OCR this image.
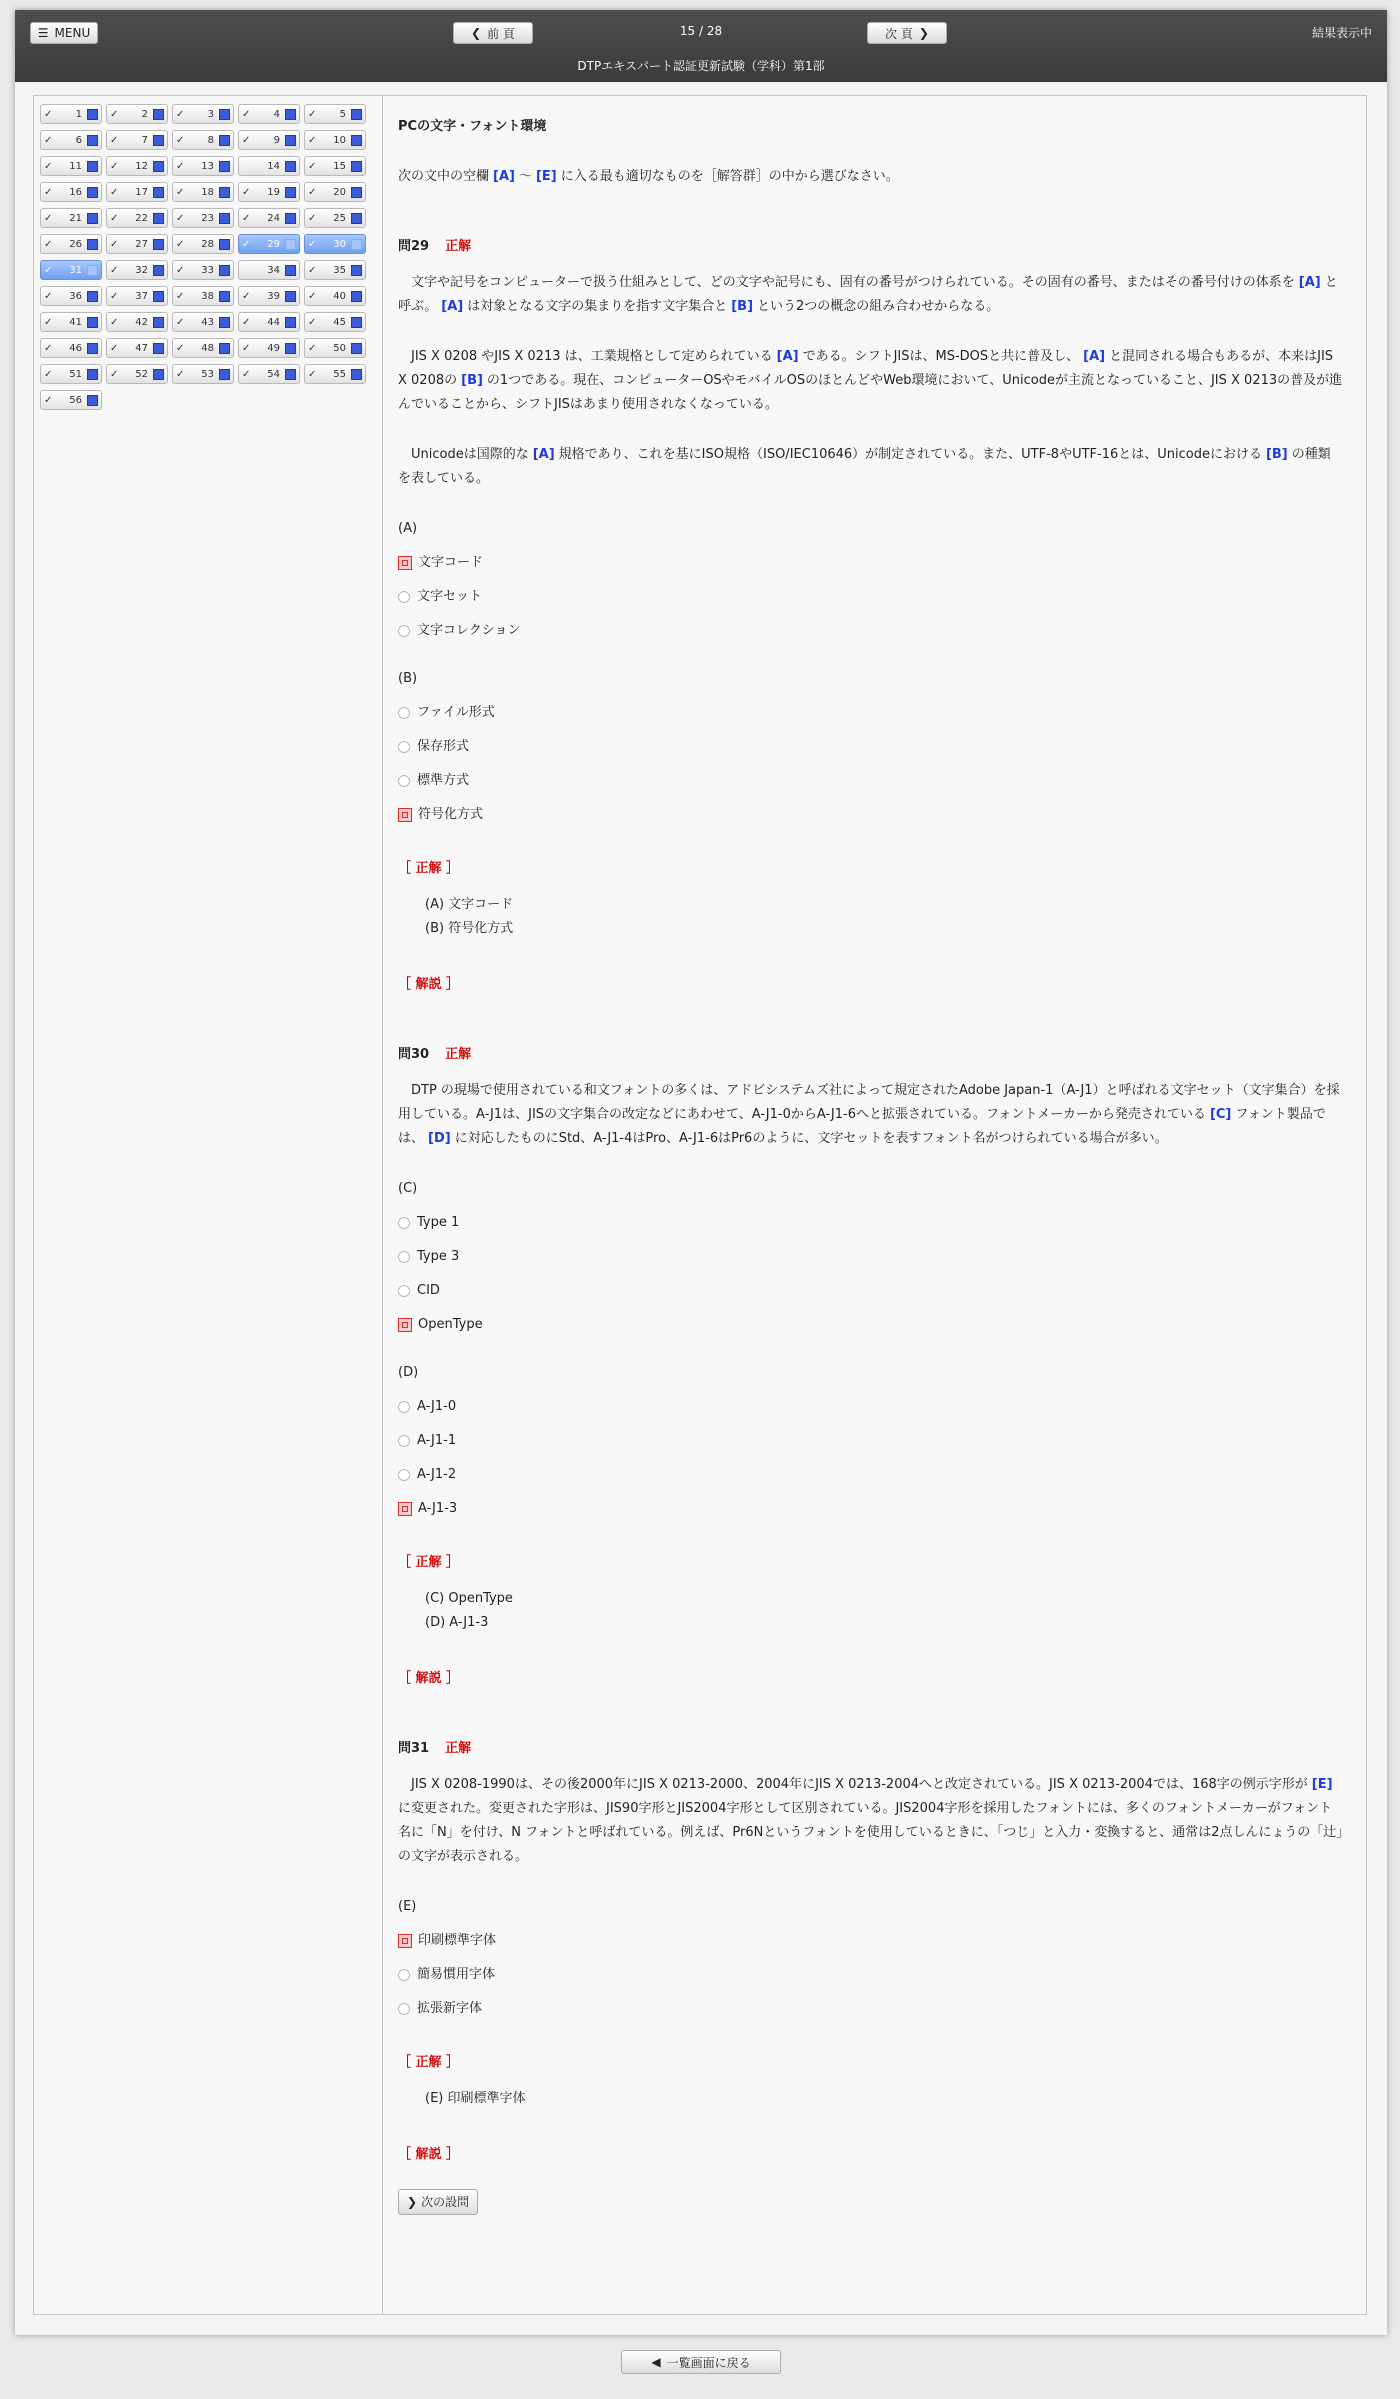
☰ MENU	❮ 前 頁	15 / 28	次 頁 ❯	結果表示中
DTPエキスパート認証更新試験（学科）第1部
✓	1	✓	2	✓	3	✓	4	✓	5
✓	6	✓	7	✓	8	✓	9	✓	10
✓	11	✓	12	✓	13	14	✓	15
✓	16	✓	17	✓	18	✓	19	✓	20
✓	21	✓	22	✓	23	✓	24	✓	25
✓	26	✓	27	✓	28	✓	29	✓	30
✓	31	✓	32	✓	33	34	✓	35
✓	36	✓	37	✓	38	✓	39	✓	40
✓	41	✓	42	✓	43	✓	44	✓	45
✓	46	✓	47	✓	48	✓	49	✓	50
✓	51	✓	52	✓	53	✓	54	✓	55
✓	56
PCの文字・フォント環境
次の文中の空欄 [A] 〜 [E] に入る最も適切なものを［解答群］の中から選びなさい。
問29 正解

文字や記号をコンピューターで扱う仕組みとして、どの文字や記号にも、固有の番号がつけられている。その固有の番号、またはその番号付けの体系を [A] と呼ぶ。 [A] は対象となる文字の集まりを指す文字集合と [B] という2つの概念の組み合わせからなる。

JIS X 0208 やJIS X 0213 は、工業規格として定められている [A] である。シフトJISは、MS-DOSと共に普及し、 [A] と混同される場合もあるが、本来はJIS X 0208の [B] の1つである。現在、コンピューターOSやモバイルOSのほとんどやWeb環境において、Unicodeが主流となっていること、JIS X 0213の普及が進んでいることから、シフトJISはあまり使用されなくなっている。

Unicodeは国際的な [A] 規格であり、これを基にISO規格（ISO/IEC10646）が制定されている。また、UTF-8やUTF-16とは、Unicodeにおける [B] の種類を表している。

(A)
文字コード
文字セット
文字コレクション
(B)
ファイル形式
保存形式
標準方式
符号化方式
［ 正解 ］
(A) 文字コード
(B) 符号化方式
［ 解説 ］
問30 正解

DTP の現場で使用されている和文フォントの多くは、アドビシステムズ社によって規定されたAdobe Japan-1（A-J1）と呼ばれる文字セット（文字集合）を採用している。A-J1は、JISの文字集合の改定などにあわせて、A-J1-0からA-J1-6へと拡張されている。フォントメーカーから発売されている [C] フォント製品では、 [D] に対応したものにStd、A-J1-4はPro、A-J1-6はPr6のように、文字セットを表すフォント名がつけられている場合が多い。

(C)
Type 1
Type 3
CID
OpenType
(D)
A-J1-0
A-J1-1
A-J1-2
A-J1-3
［ 正解 ］
(C) OpenType
(D) A-J1-3
［ 解説 ］
問31 正解

JIS X 0208-1990は、その後2000年にJIS X 0213-2000、2004年にJIS X 0213-2004へと改定されている。JIS X 0213-2004では、168字の例示字形が [E]に変更された。変更された字形は、JIS90字形とJIS2004字形として区別されている。JIS2004字形を採用したフォントには、多くのフォントメーカーがフォント名に「N」を付け、N フォントと呼ばれている。例えば、Pr6Nというフォントを使用しているときに、「つじ」と入力・変換すると、通常は2点しんにょうの「辻」の文字が表示される。

(E)
印刷標準字体
簡易慣用字体
拡張新字体
［ 正解 ］
(E) 印刷標準字体
［ 解説 ］
❯ 次の設問
◀ 一覧画面に戻る
